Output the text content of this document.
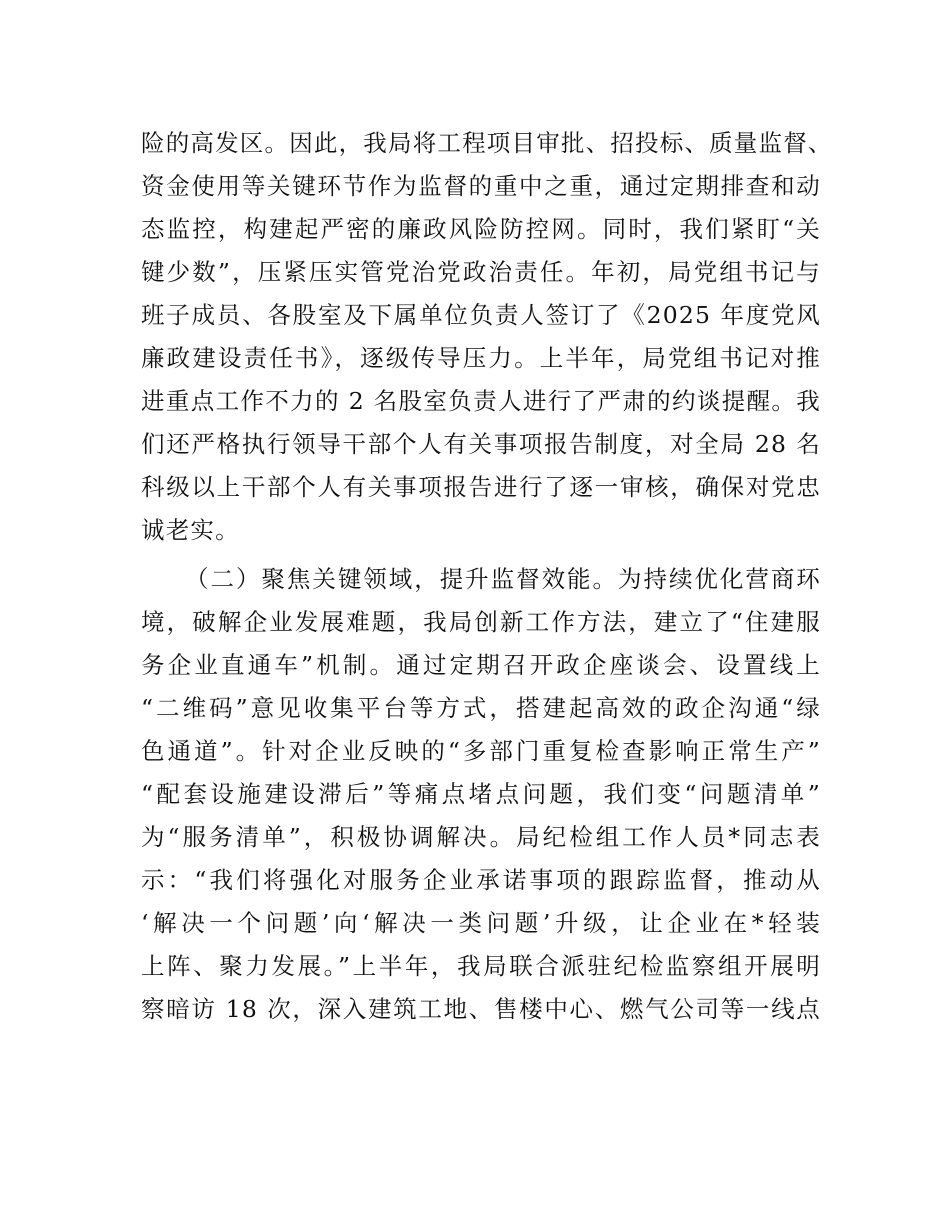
险的高发区。因此，我局将工程项目审批、招投标、质量监督、
资金使用等关键环节作为监督的重中之重，通过定期排查和动
态监控，构建起严密的廉政风险防控网。同时，我们紧盯“关
键少数”，压紧压实管党治党政治责任。年初，局党组书记与
班子成员、各股室及下属单位负责人签订了《2025 年度党风
廉政建设责任书》，逐级传导压力。上半年，局党组书记对推
进重点工作不力的 2 名股室负责人进行了严肃的约谈提醒。我
们还严格执行领导干部个人有关事项报告制度，对全局 28 名
科级以上干部个人有关事项报告进行了逐一审核，确保对党忠
诚老实。
（二）聚焦关键领域，提升监督效能。为持续优化营商环
境，破解企业发展难题，我局创新工作方法，建立了“住建服
务企业直通车”机制。通过定期召开政企座谈会、设置线上
“二维码”意见收集平台等方式，搭建起高效的政企沟通“绿
色通道”。针对企业反映的“多部门重复检查影响正常生产”
“配套设施建设滞后”等痛点堵点问题，我们变“问题清单”
为“服务清单”，积极协调解决。局纪检组工作人员*同志表
示：“我们将强化对服务企业承诺事项的跟踪监督，推动从
‘解决一个问题’向‘解决一类问题’升级，让企业在*轻装
上阵、聚力发展。”上半年，我局联合派驻纪检监察组开展明
察暗访 18 次，深入建筑工地、售楼中心、燃气公司等一线点
